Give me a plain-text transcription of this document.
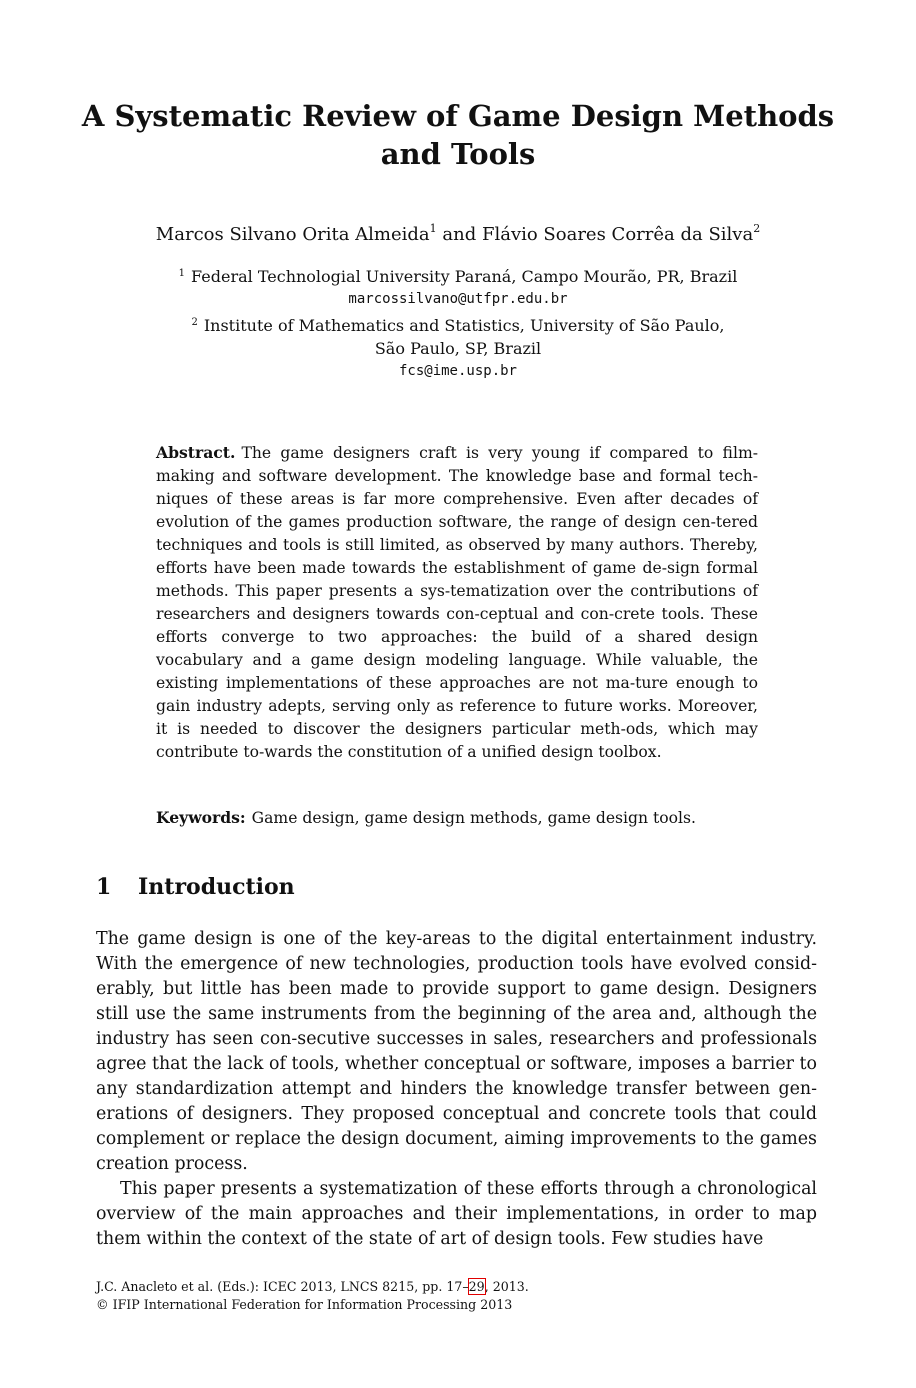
A Systematic Review of Game Design Methods
and Tools
Marcos Silvano Orita Almeida$^1$ and Flávio Soares Corrêa da Silva$^2$
$^1$ Federal Technologial University Paraná, Campo Mourão, PR, Brazil
marcossilvano@utfpr.edu.br
$^2$ Institute of Mathematics and Statistics, University of São Paulo,
São Paulo, SP, Brazil
fcs@ime.usp.br
Abstract. The game designers craft is very young if compared to film-making and software development. The knowledge base and formal tech-niques of these areas is far more comprehensive. Even after decades of evolution of the games production software, the range of design cen-tered techniques and tools is still limited, as observed by many authors. Thereby, efforts have been made towards the establishment of game de-sign formal methods. This paper presents a sys-tematization over the contributions of researchers and designers towards con-ceptual and con-crete tools. These efforts converge to two approaches: the build of a shared design vocabulary and a game design modeling language. While valuable, the existing implementations of these approaches are not ma-ture enough to gain industry adepts, serving only as reference to future works. Moreover, it is needed to discover the designers particular meth-ods, which may contribute to-wards the constitution of a unified design toolbox.
Keywords: Game design, game design methods, game design tools.
1 Introduction

The game design is one of the key-areas to the digital entertainment industry. With the emergence of new technologies, production tools have evolved consid-erably, but little has been made to provide support to game design. Designers still use the same instruments from the beginning of the area and, although the industry has seen con-secutive successes in sales, researchers and professionals agree that the lack of tools, whether conceptual or software, imposes a barrier to any standardization attempt and hinders the knowledge transfer between gen-erations of designers. They proposed conceptual and concrete tools that could complement or replace the design document, aiming improvements to the games creation process.

This paper presents a systematization of these efforts through a chronological overview of the main approaches and their implementations, in order to map them within the context of the state of art of design tools. Few studies have

J.C. Anacleto et al. (Eds.): ICEC 2013, LNCS 8215, pp. 17–29, 2013.
© IFIP International Federation for Information Processing 2013
